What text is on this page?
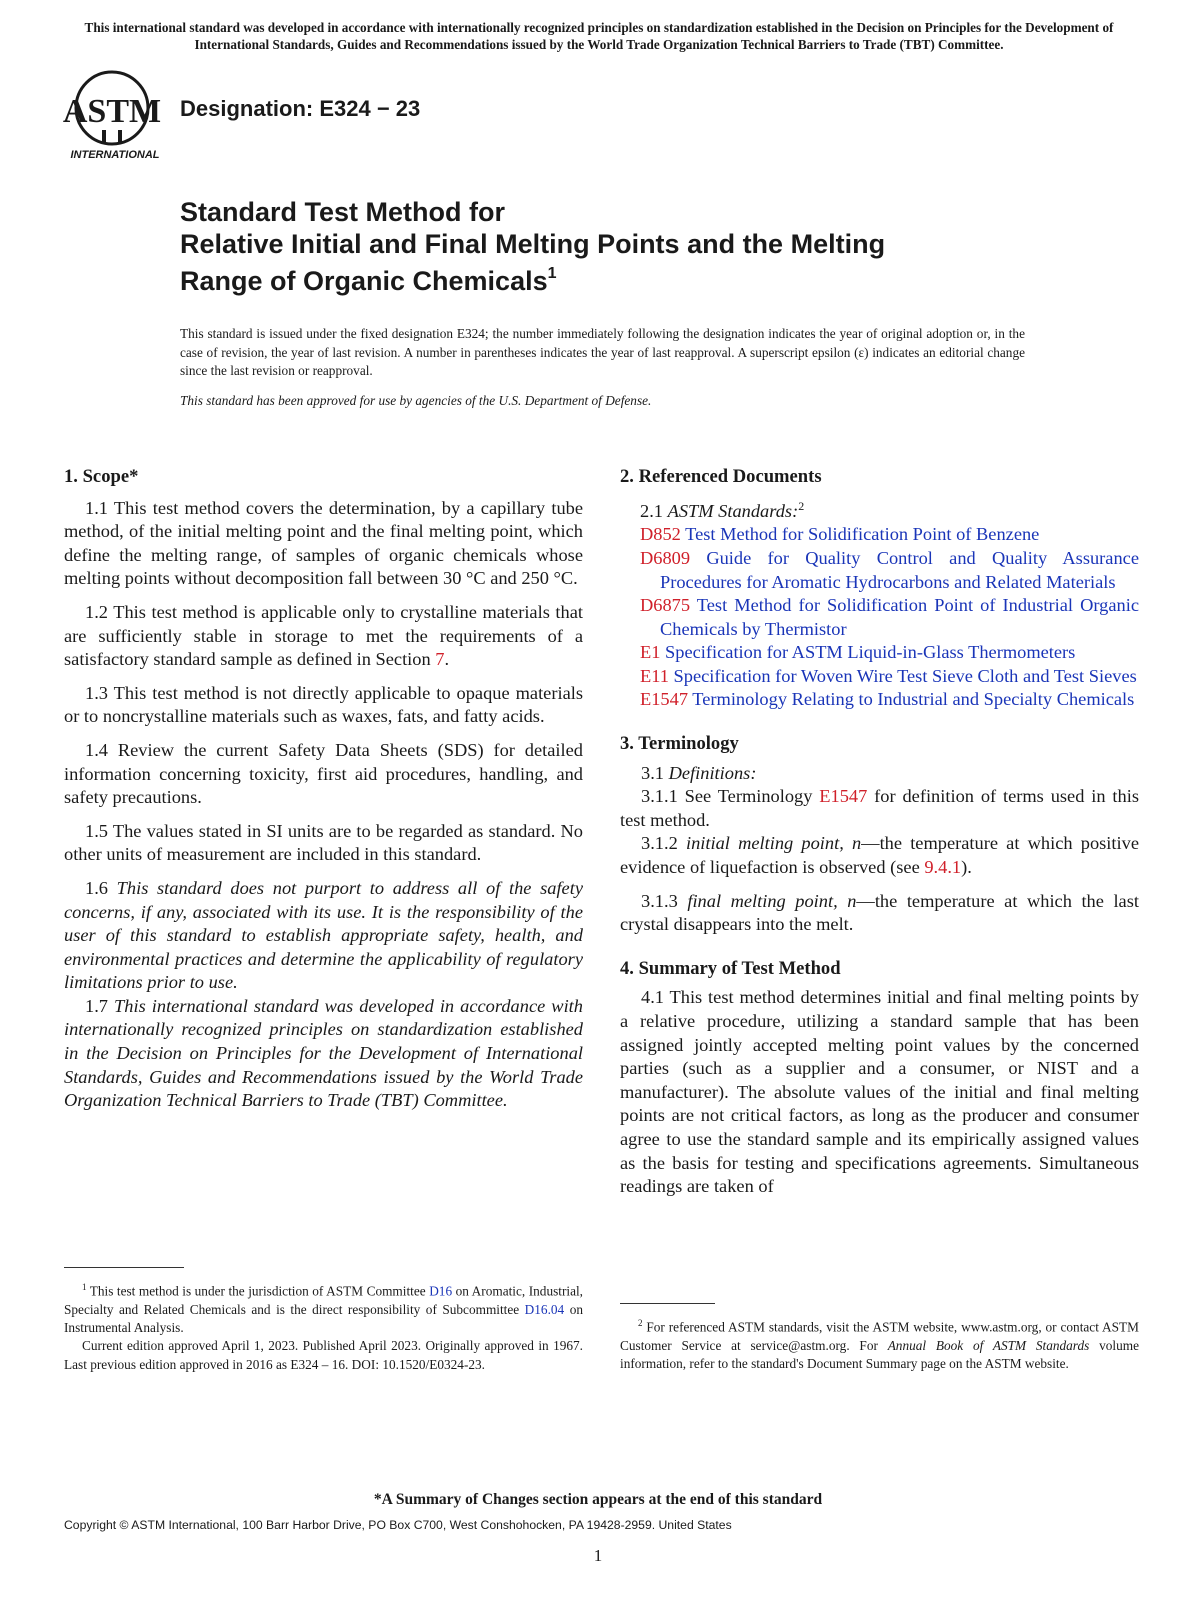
This international standard was developed in accordance with internationally recognized principles on standardization established in the Decision on Principles for the Development of International Standards, Guides and Recommendations issued by the World Trade Organization Technical Barriers to Trade (TBT) Committee.
ASTM
INTERNATIONAL
Designation: E324 − 23
Standard Test Method for
Relative Initial and Final Melting Points and the Melting
Range of Organic Chemicals$^1$
This standard is issued under the fixed designation E324; the number immediately following the designation indicates the year of original adoption or, in the case of revision, the year of last revision. A number in parentheses indicates the year of last reapproval. A superscript epsilon (ε) indicates an editorial change since the last revision or reapproval.
This standard has been approved for use by agencies of the U.S. Department of Defense.

1. Scope*

1.1 This test method covers the determination, by a capillary tube method, of the initial melting point and the final melting point, which define the melting range, of samples of organic chemicals whose melting points without decomposition fall between 30 °C and 250 °C.

1.2 This test method is applicable only to crystalline materials that are sufficiently stable in storage to met the requirements of a satisfactory standard sample as defined in Section 7.

1.3 This test method is not directly applicable to opaque materials or to noncrystalline materials such as waxes, fats, and fatty acids.

1.4 Review the current Safety Data Sheets (SDS) for detailed information concerning toxicity, first aid procedures, handling, and safety precautions.

1.5 The values stated in SI units are to be regarded as standard. No other units of measurement are included in this standard.

1.6 This standard does not purport to address all of the safety concerns, if any, associated with its use. It is the responsibility of the user of this standard to establish appropriate safety, health, and environmental practices and determine the applicability of regulatory limitations prior to use.

1.7 This international standard was developed in accordance with internationally recognized principles on standardization established in the Decision on Principles for the Development of International Standards, Guides and Recommendations issued by the World Trade Organization Technical Barriers to Trade (TBT) Committee.

2. Referenced Documents

2.1 ASTM Standards:$^2$

D852 Test Method for Solidification Point of Benzene

D6809 Guide for Quality Control and Quality Assurance Procedures for Aromatic Hydrocarbons and Related Materials

D6875 Test Method for Solidification Point of Industrial Organic Chemicals by Thermistor

E1 Specification for ASTM Liquid-in-Glass Thermometers

E11 Specification for Woven Wire Test Sieve Cloth and Test Sieves

E1547 Terminology Relating to Industrial and Specialty Chemicals

3. Terminology

3.1 Definitions:

3.1.1 See Terminology E1547 for definition of terms used in this test method.

3.1.2 initial melting point, n—the temperature at which positive evidence of liquefaction is observed (see 9.4.1).

3.1.3 final melting point, n—the temperature at which the last crystal disappears into the melt.

4. Summary of Test Method

4.1 This test method determines initial and final melting points by a relative procedure, utilizing a standard sample that has been assigned jointly accepted melting point values by the concerned parties (such as a supplier and a consumer, or NIST and a manufacturer). The absolute values of the initial and final melting points are not critical factors, as long as the producer and consumer agree to use the standard sample and its empirically assigned values as the basis for testing and specifications agreements. Simultaneous readings are taken of

$^1$ This test method is under the jurisdiction of ASTM Committee D16 on Aromatic, Industrial, Specialty and Related Chemicals and is the direct responsibility of Subcommittee D16.04 on Instrumental Analysis.

Current edition approved April 1, 2023. Published April 2023. Originally approved in 1967. Last previous edition approved in 2016 as E324 – 16. DOI: 10.1520/E0324-23.

$^2$ For referenced ASTM standards, visit the ASTM website, www.astm.org, or contact ASTM Customer Service at service@astm.org. For Annual Book of ASTM Standards volume information, refer to the standard's Document Summary page on the ASTM website.

*A Summary of Changes section appears at the end of this standard
Copyright © ASTM International, 100 Barr Harbor Drive, PO Box C700, West Conshohocken, PA 19428-2959. United States
1
